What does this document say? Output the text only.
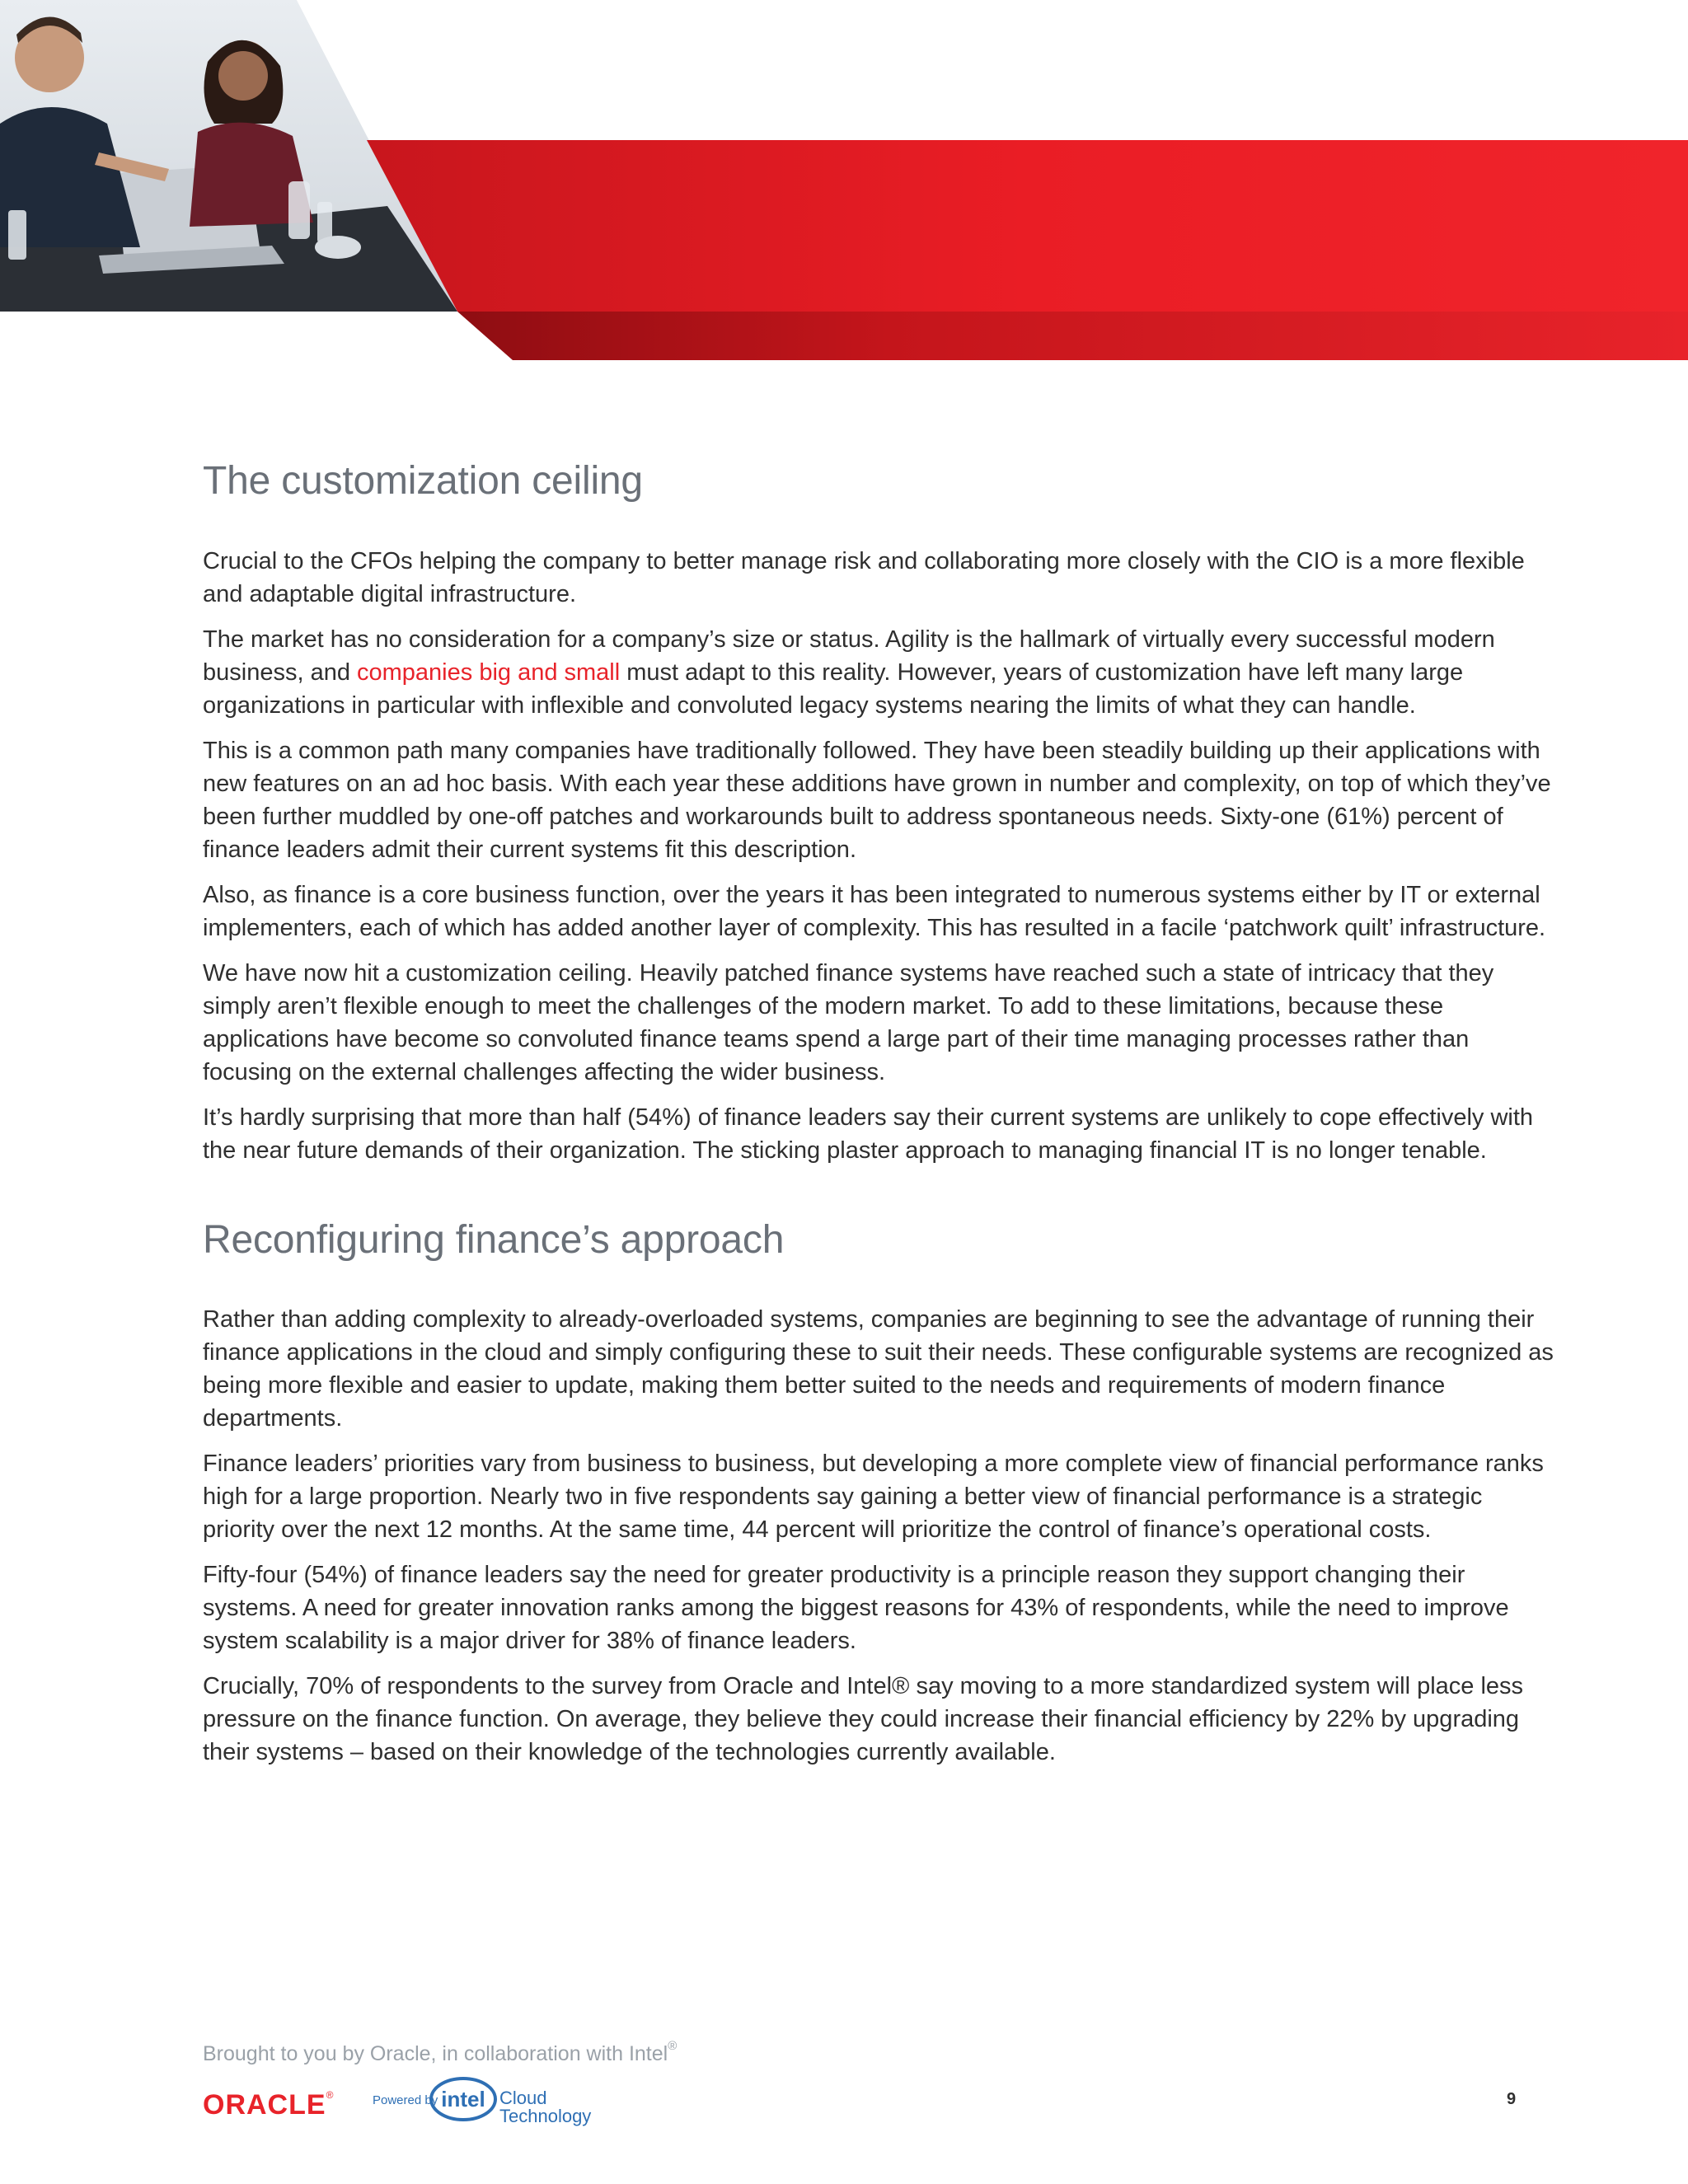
The customization ceiling

Crucial to the CFOs helping the company to better manage risk and collaborating more closely with the CIO is a more flexible and adaptable digital infrastructure.

The market has no consideration for a company’s size or status. Agility is the hallmark of virtually every successful modern business, and companies big and small must adapt to this reality. However, years of customization have left many large organizations in particular with inflexible and convoluted legacy systems nearing the limits of what they can handle.

This is a common path many companies have traditionally followed. They have been steadily building up their applications with new features on an ad hoc basis. With each year these additions have grown in number and complexity, on top of which they’ve been further muddled by one-off patches and workarounds built to address spontaneous needs. Sixty-one (61%) percent of finance leaders admit their current systems fit this description.

Also, as finance is a core business function, over the years it has been integrated to numerous systems either by IT or external implementers, each of which has added another layer of complexity. This has resulted in a facile ‘patchwork quilt’ infrastructure.

We have now hit a customization ceiling. Heavily patched finance systems have reached such a state of intricacy that they simply aren’t flexible enough to meet the challenges of the modern market. To add to these limitations, because these applications have become so convoluted finance teams spend a large part of their time managing processes rather than focusing on the external challenges affecting the wider business.

It’s hardly surprising that more than half (54%) of finance leaders say their current systems are unlikely to cope effectively with the near future demands of their organization. The sticking plaster approach to managing financial IT is no longer tenable.

Reconfiguring finance’s approach

Rather than adding complexity to already-overloaded systems, companies are beginning to see the advantage of running their finance applications in the cloud and simply configuring these to suit their needs. These configurable systems are recognized as being more flexible and easier to update, making them better suited to the needs and requirements of modern finance departments.

Finance leaders’ priorities vary from business to business, but developing a more complete view of financial performance ranks high for a large proportion. Nearly two in five respondents say gaining a better view of financial performance is a strategic priority over the next 12 months. At the same time, 44 percent will prioritize the control of finance’s operational costs.

Fifty-four (54%) of finance leaders say the need for greater productivity is a principle reason they support changing their systems. A need for greater innovation ranks among the biggest reasons for 43% of respondents, while the need to improve system scalability is a major driver for 38% of finance leaders.

Crucially, 70% of respondents to the survey from Oracle and Intel® say moving to a more standardized system will place less pressure on the finance function. On average, they believe they could increase their financial efficiency by 22% by upgrading their systems – based on their knowledge of the technologies currently available.

Brought to you by Oracle, in collaboration with Intel®
ORACLE®	Powered by intel Cloud
Technology
9
